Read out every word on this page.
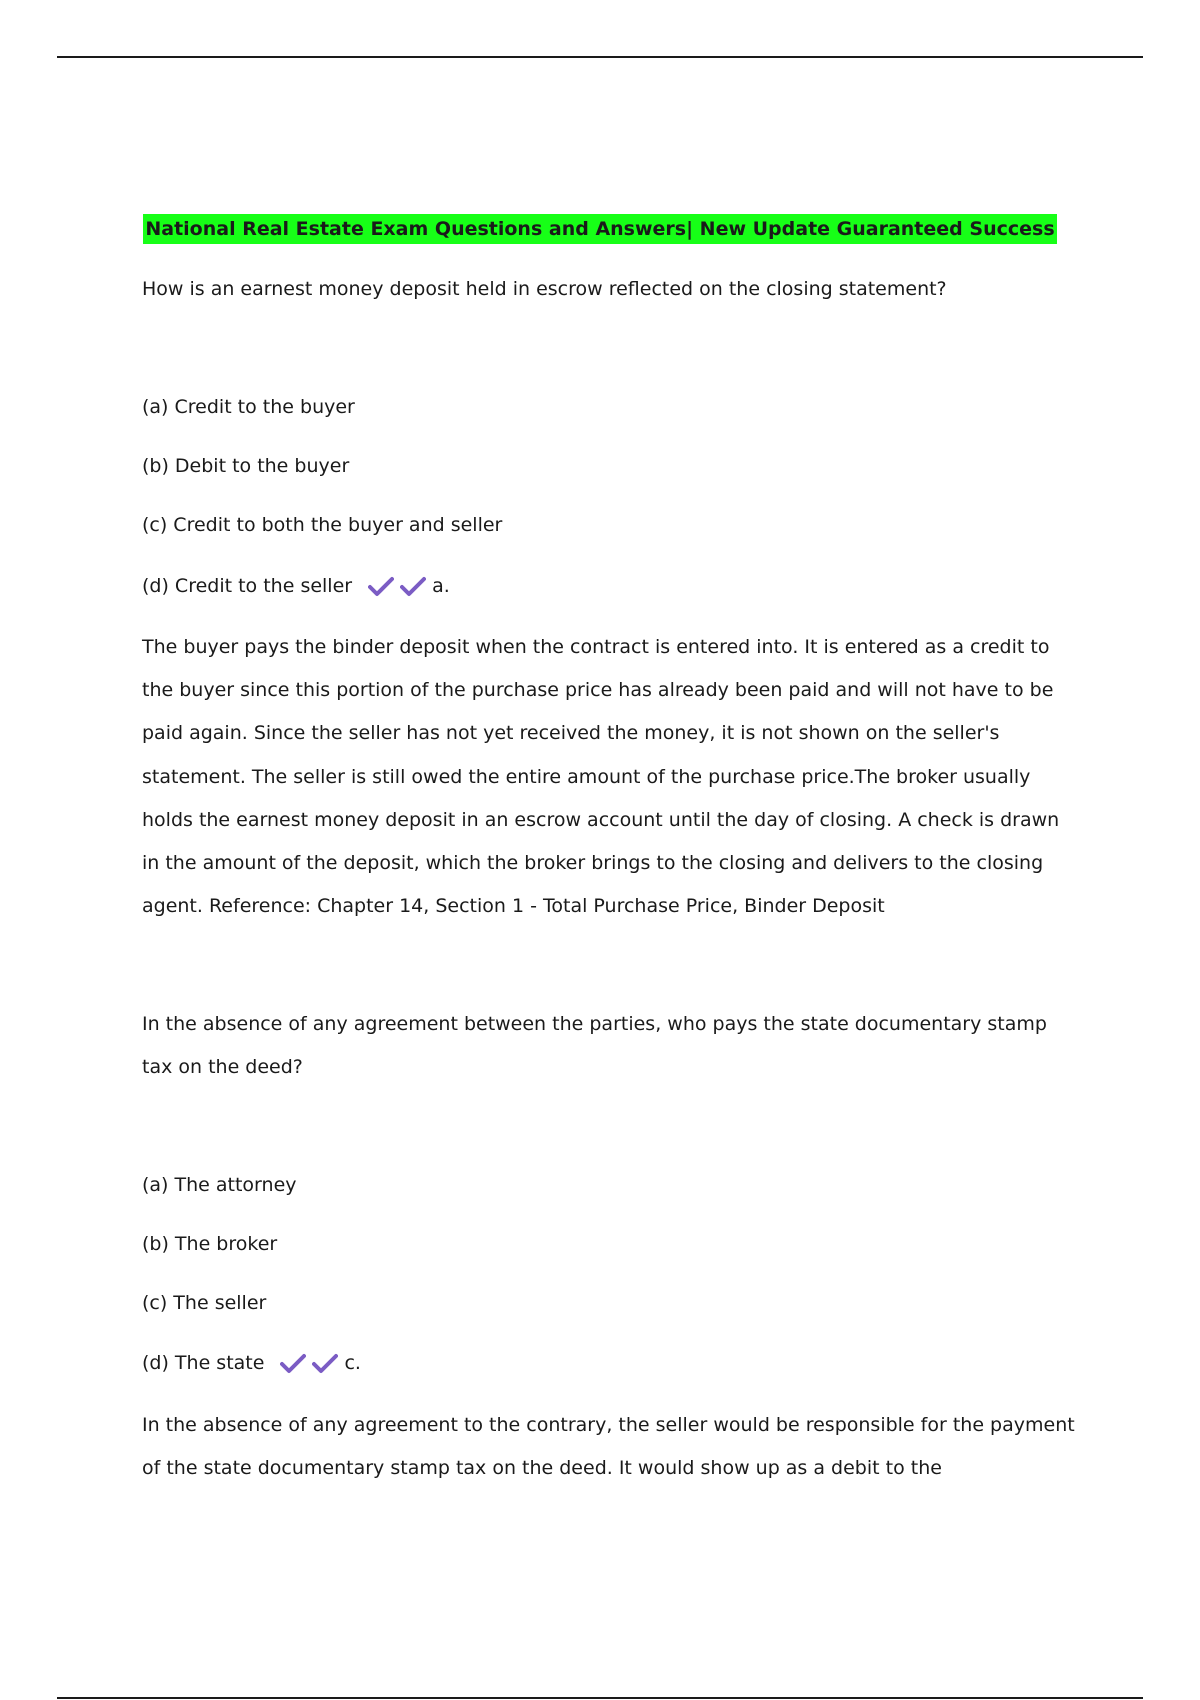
National Real Estate Exam Questions and Answers| New Update Guaranteed Success
How is an earnest money deposit held in escrow reflected on the closing statement?
(a) Credit to the buyer
(b) Debit to the buyer
(c) Credit to both the buyer and seller
(d) Credit to the seller	a.

The buyer pays the binder deposit when the contract is entered into. It is entered as a credit to the buyer since this portion of the purchase price has already been paid and will not have to be paid again. Since the seller has not yet received the money, it is not shown on the seller's statement. The seller is still owed the entire amount of the purchase price.The broker usually holds the earnest money deposit in an escrow account until the day of closing. A check is drawn in the amount of the deposit, which the broker brings to the closing and delivers to the closing agent. Reference: Chapter 14, Section 1 - Total Purchase Price, Binder Deposit

In the absence of any agreement between the parties, who pays the state documentary stamp tax on the deed?

(a) The attorney
(b) The broker
(c) The seller
(d) The state	c.

In the absence of any agreement to the contrary, the seller would be responsible for the payment of the state documentary stamp tax on the deed. It would show up as a debit to the
